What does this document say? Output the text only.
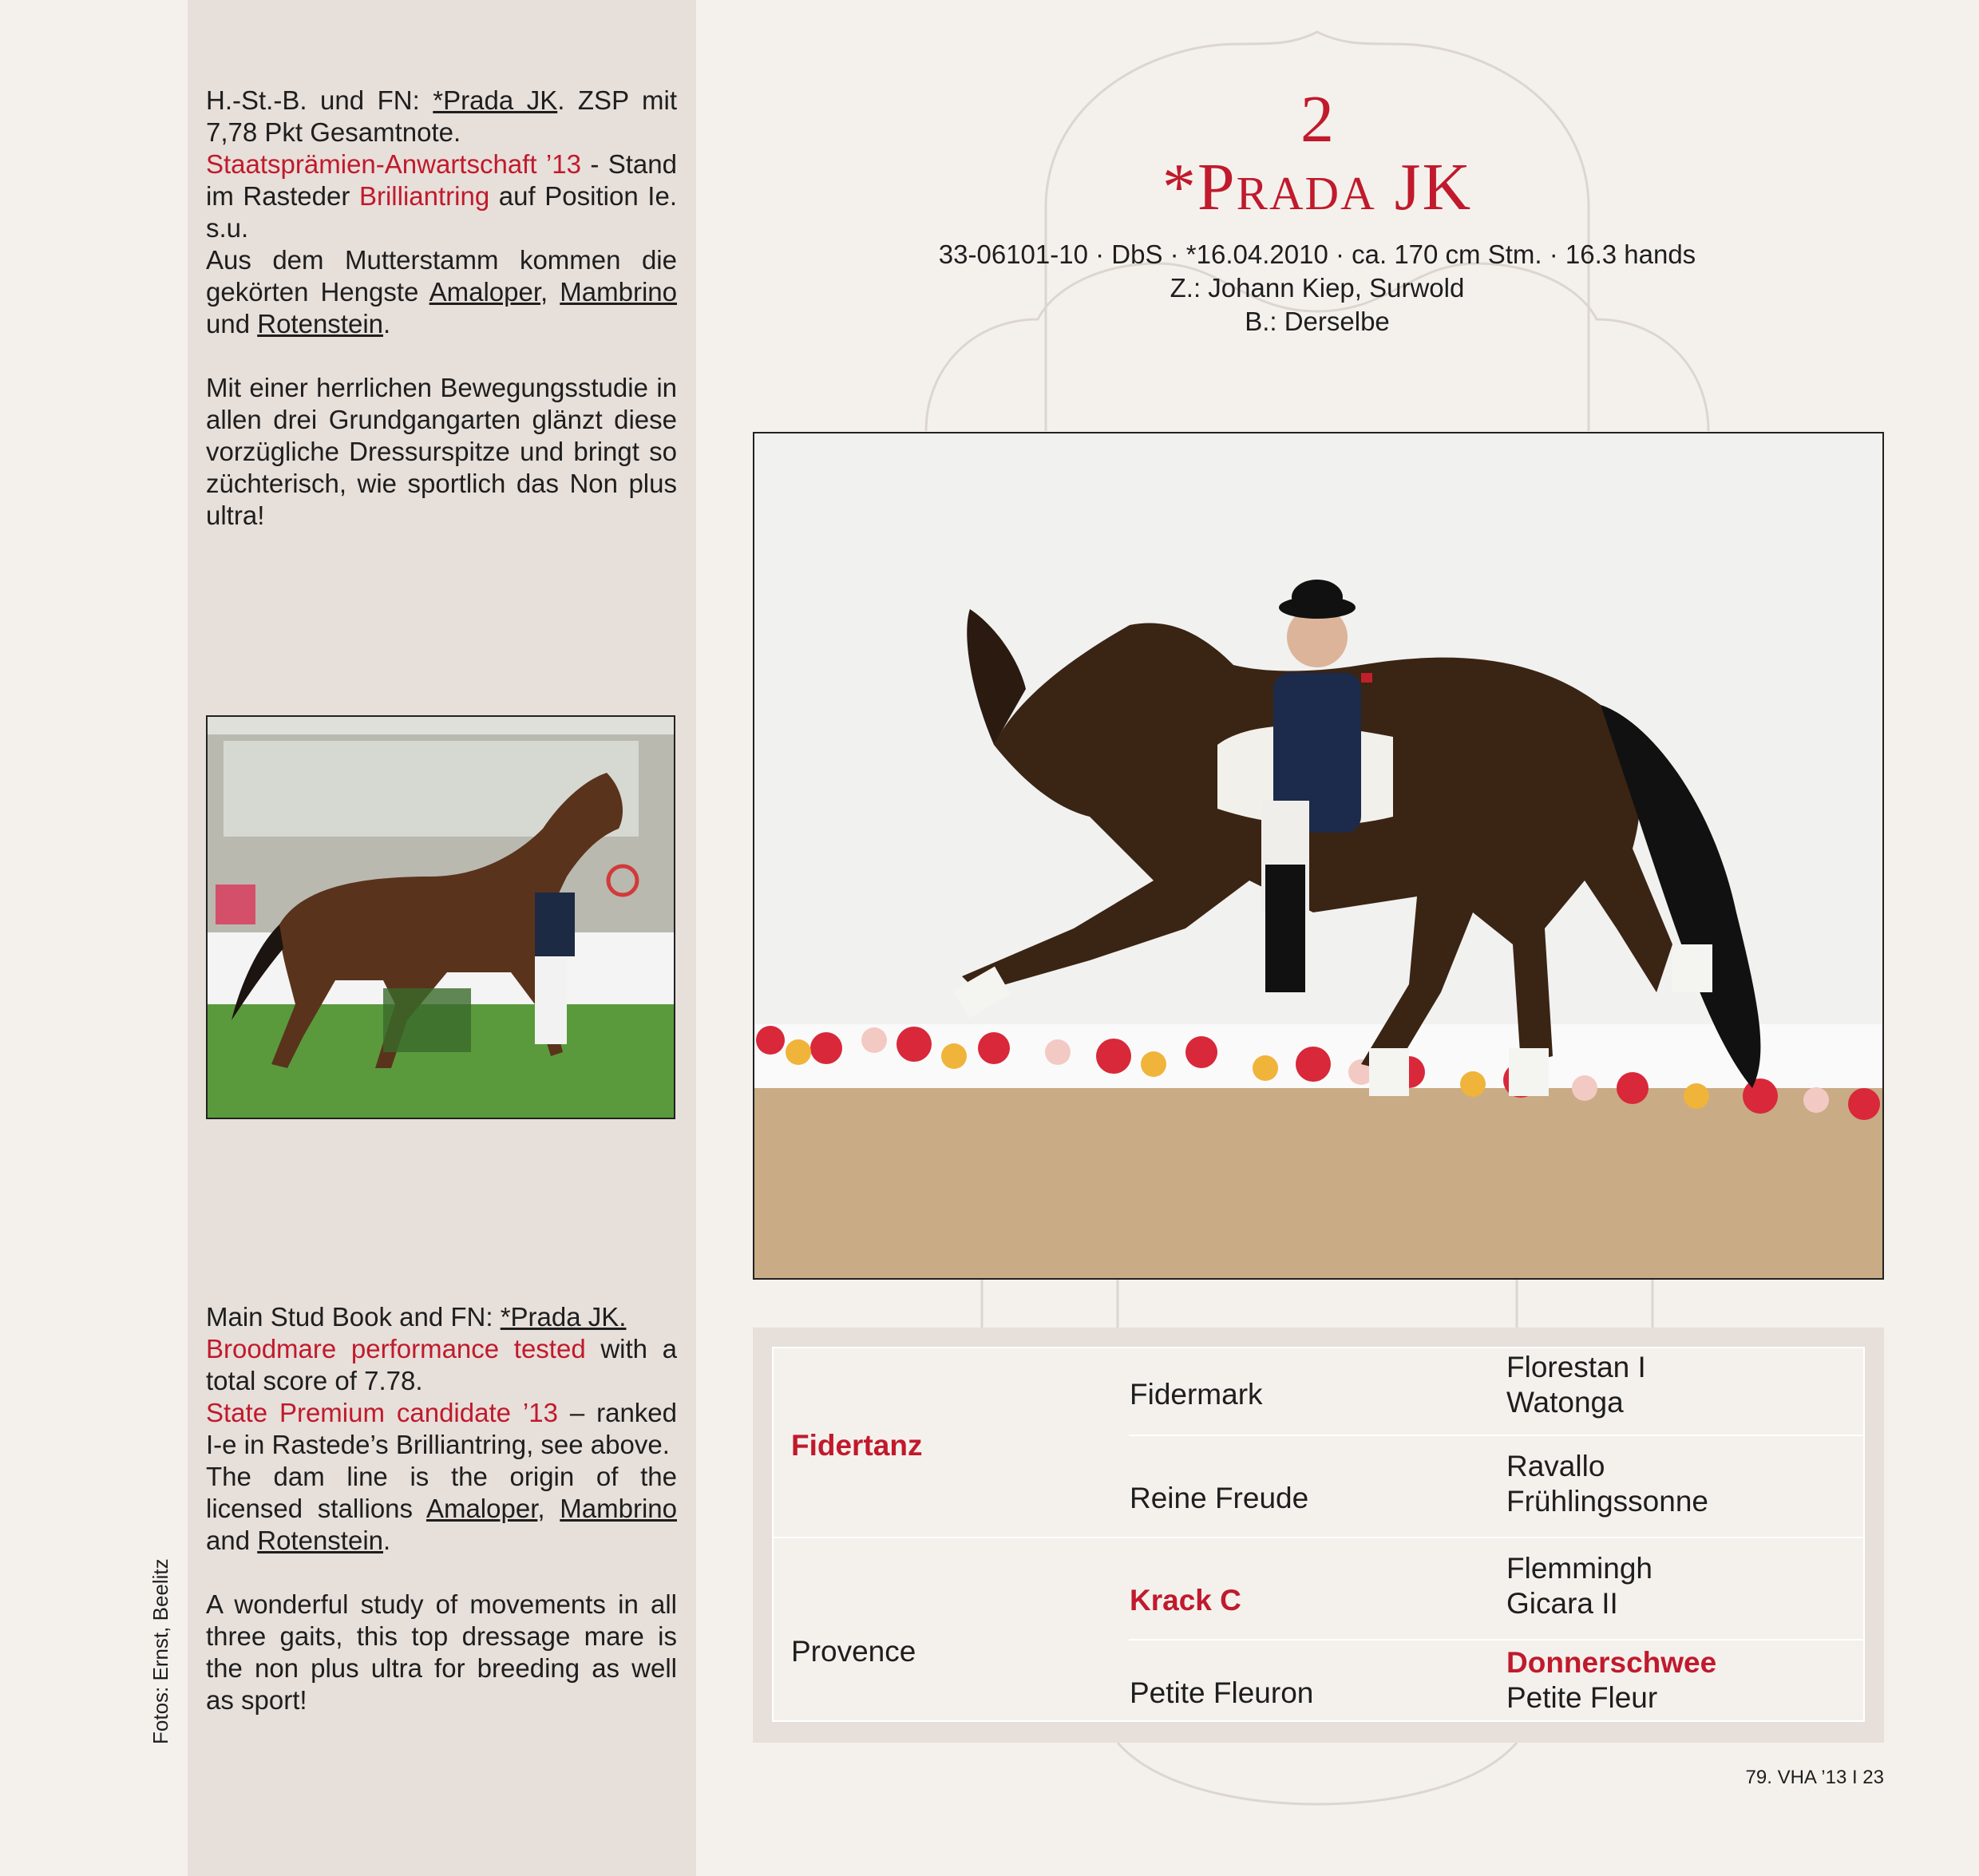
H.-St.-B. und FN: *Prada JK. ZSP mit 7,78 Pkt Gesamtnote.

Staatsprämien-Anwartschaft ’13 - Stand im Rasteder Brilliantring auf Position Ie. s.u.

Aus dem Mutterstamm kommen die gekörten Hengste Amaloper, Mambrino und Rotenstein.

Mit einer herrlichen Bewegungsstudie in allen drei Grundgangarten glänzt diese vorzügliche Dressurspitze und bringt so züchterisch, wie sportlich das Non plus ultra!

Main Stud Book and FN: *Prada JK.

Broodmare performance tested with a total score of 7.78.

State Premium candidate ’13 – ranked I-e in Rastede’s Brilliantring, see above.

The dam line is the origin of the licensed stallions Amaloper, Mambrino and Rotenstein.

A wonderful study of movements in all three gaits, this top dressage mare is the non plus ultra for breeding as well as sport!

Fotos: Ernst, Beelitz
2
*Prada JK
33-06101-10 · DbS · *16.04.2010 · ca. 170 cm Stm. · 16.3 hands
Z.: Johann Kiep, Surwold
B.: Derselbe
Fidertanz
Provence
Fidermark
Reine Freude
Krack C
Petite Fleuron
Florestan I
Watonga
Ravallo
Frühlingssonne
Flemmingh
Gicara II
Donnerschwee
Petite Fleur
79. VHA ’13 I 23
